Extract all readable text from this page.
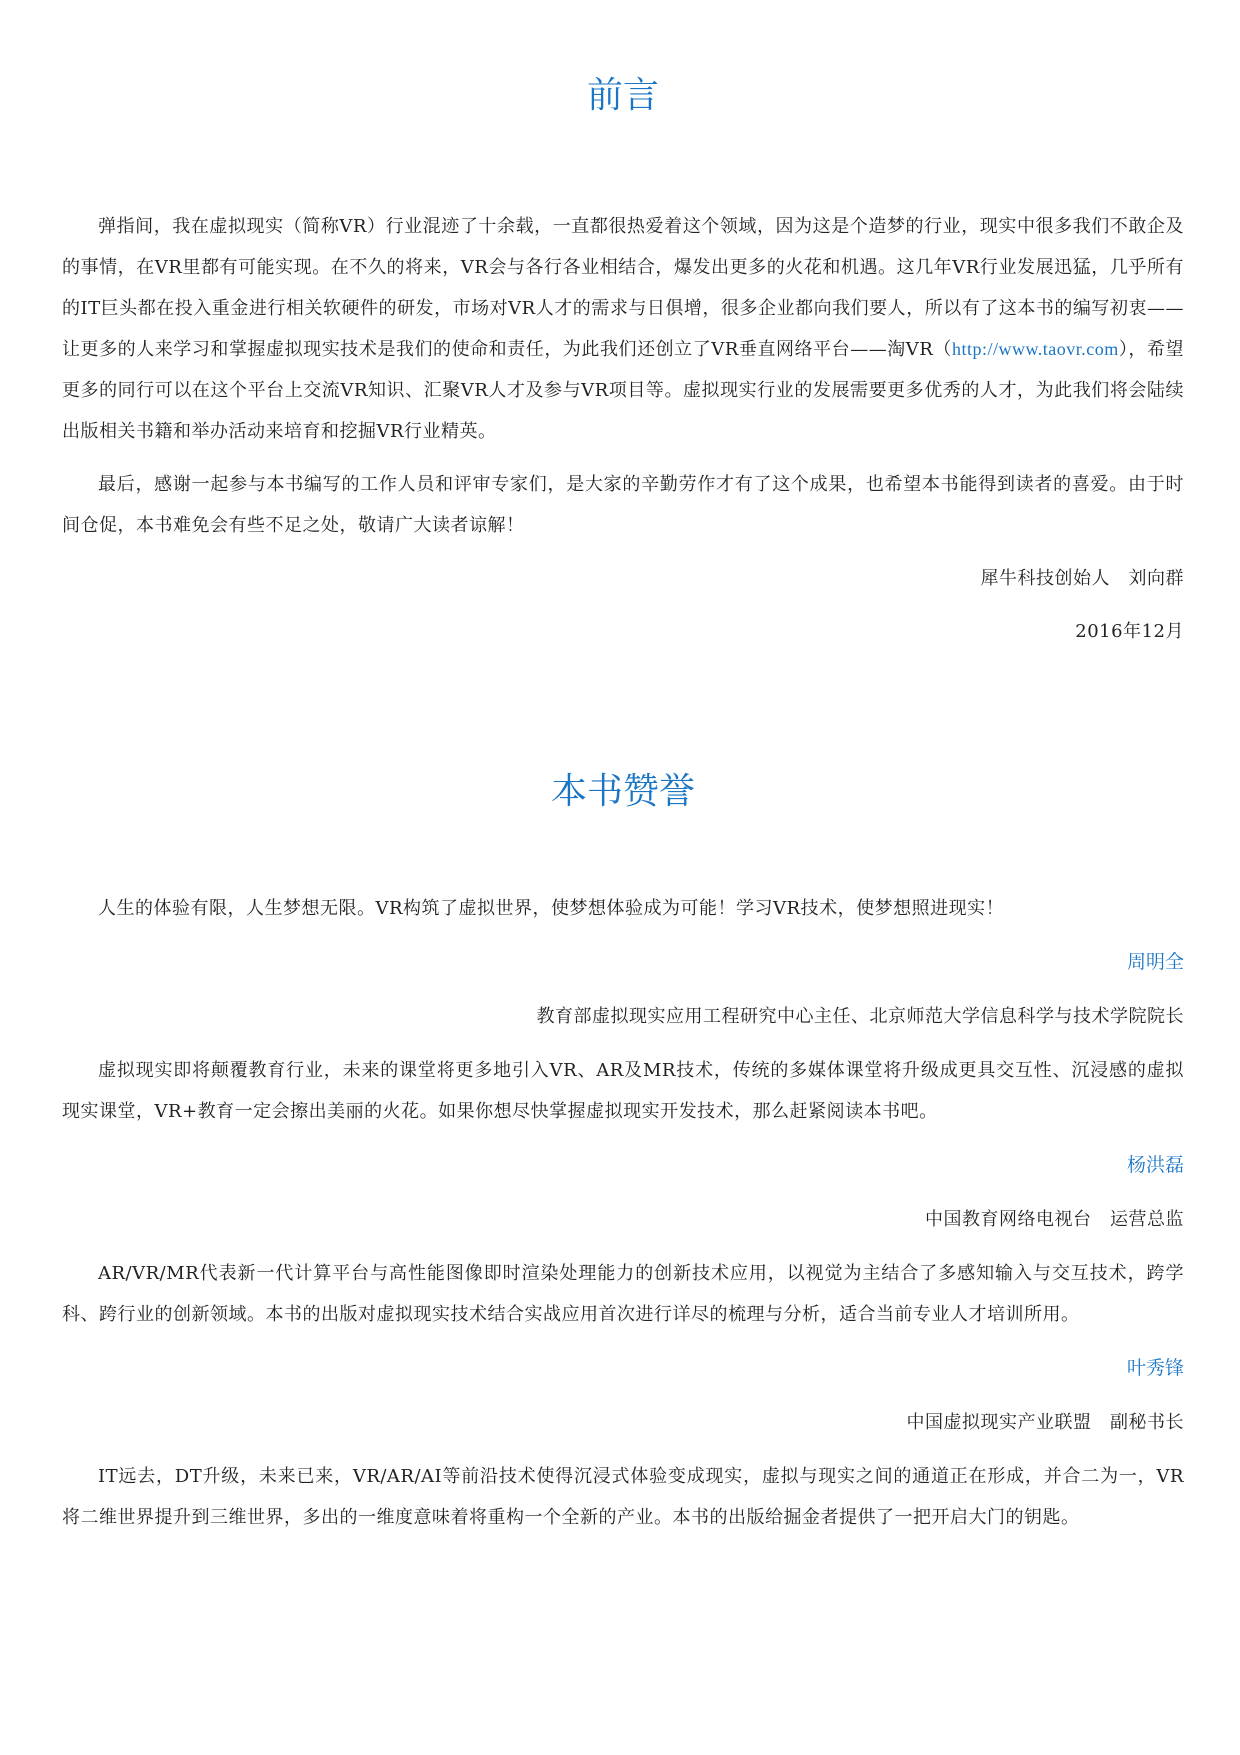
前言

弹指间，我在虚拟现实（简称VR）行业混迹了十余载，一直都很热爱着这个领域，因为这是个造梦的行业，现实中很多我们不敢企及的事情，在VR里都有可能实现。在不久的将来，VR会与各行各业相结合，爆发出更多的火花和机遇。这几年VR行业发展迅猛，几乎所有的IT巨头都在投入重金进行相关软硬件的研发，市场对VR人才的需求与日俱增，很多企业都向我们要人，所以有了这本书的编写初衷——让更多的人来学习和掌握虚拟现实技术是我们的使命和责任，为此我们还创立了VR垂直网络平台——淘VR（http://www.taovr.com），希望更多的同行可以在这个平台上交流VR知识、汇聚VR人才及参与VR项目等。虚拟现实行业的发展需要更多优秀的人才，为此我们将会陆续出版相关书籍和举办活动来培育和挖掘VR行业精英。

最后，感谢一起参与本书编写的工作人员和评审专家们，是大家的辛勤劳作才有了这个成果，也希望本书能得到读者的喜爱。由于时间仓促，本书难免会有些不足之处，敬请广大读者谅解！

犀牛科技创始人　刘向群

2016年12月

本书赞誉

人生的体验有限，人生梦想无限。VR构筑了虚拟世界，使梦想体验成为可能！学习VR技术，使梦想照进现实！

周明全

教育部虚拟现实应用工程研究中心主任、北京师范大学信息科学与技术学院院长

虚拟现实即将颠覆教育行业，未来的课堂将更多地引入VR、AR及MR技术，传统的多媒体课堂将升级成更具交互性、沉浸感的虚拟现实课堂，VR+教育一定会擦出美丽的火花。如果你想尽快掌握虚拟现实开发技术，那么赶紧阅读本书吧。

杨洪磊

中国教育网络电视台　运营总监

AR/VR/MR代表新一代计算平台与高性能图像即时渲染处理能力的创新技术应用，以视觉为主结合了多感知输入与交互技术，跨学科、跨行业的创新领域。本书的出版对虚拟现实技术结合实战应用首次进行详尽的梳理与分析，适合当前专业人才培训所用。

叶秀锋

中国虚拟现实产业联盟　副秘书长

IT远去，DT升级，未来已来，VR/AR/AI等前沿技术使得沉浸式体验变成现实，虚拟与现实之间的通道正在形成，并合二为一，VR将二维世界提升到三维世界，多出的一维度意味着将重构一个全新的产业。本书的出版给掘金者提供了一把开启大门的钥匙。
